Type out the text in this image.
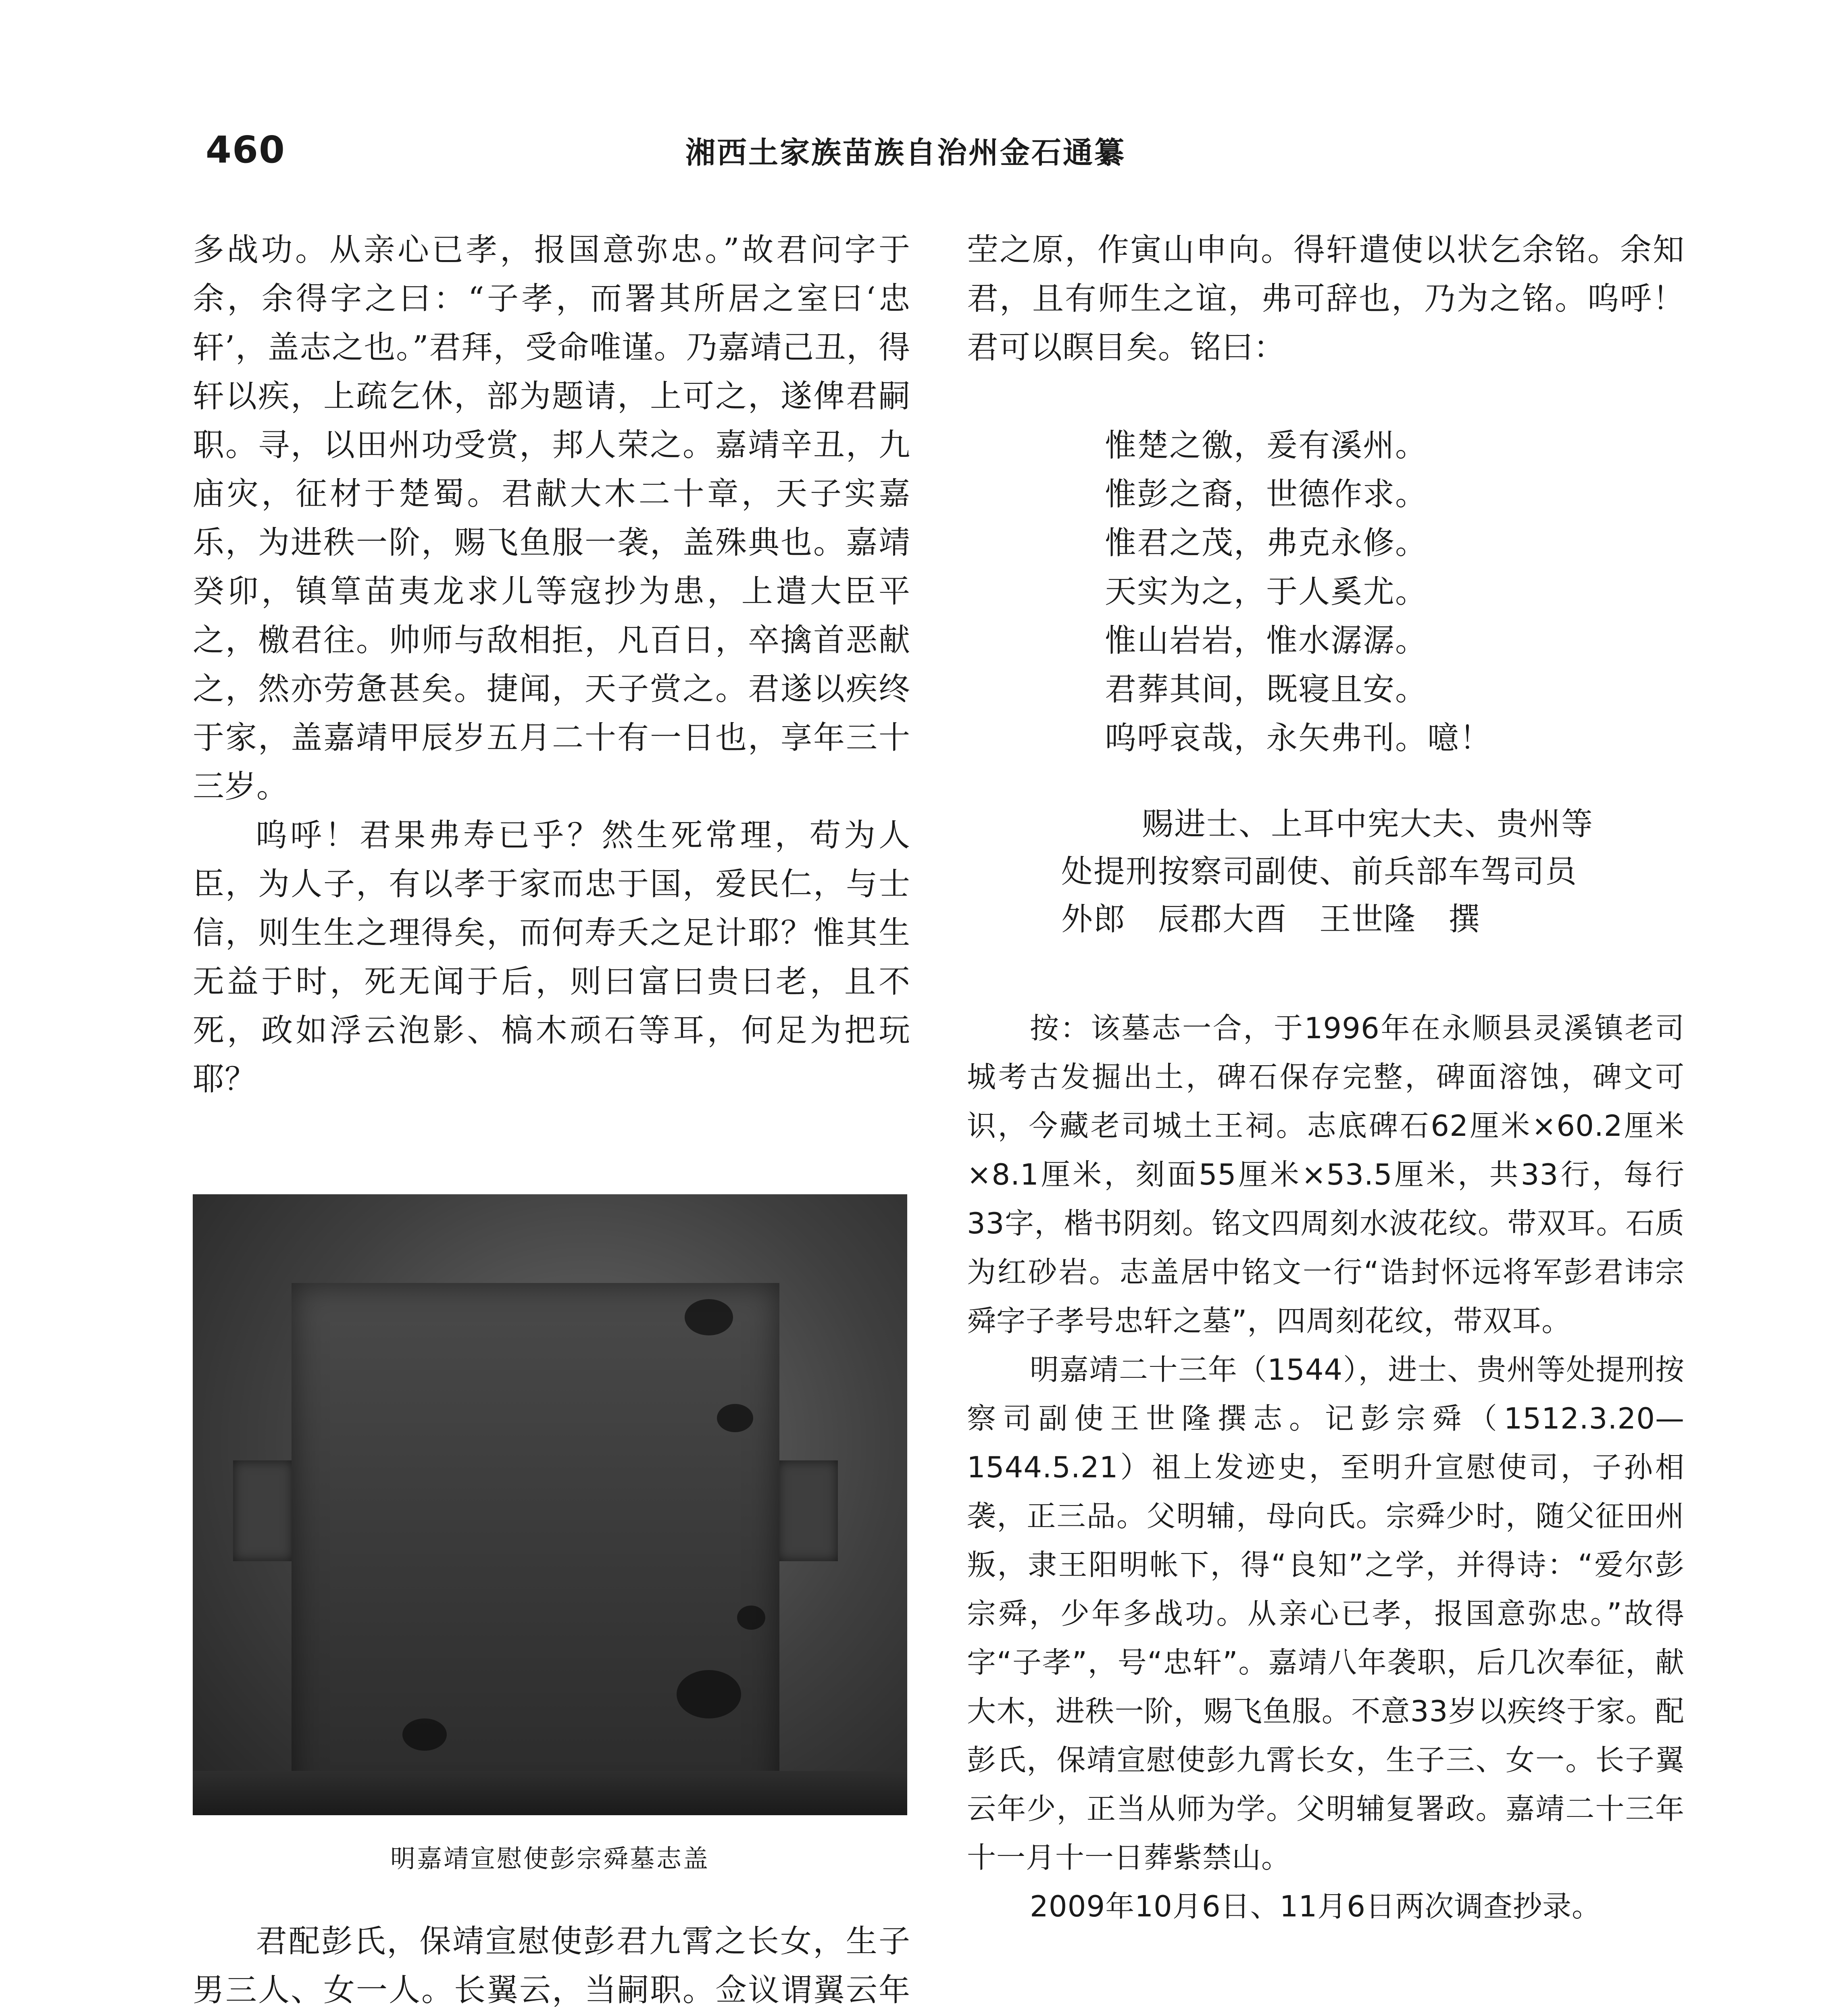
460	湘西土家族苗族自治州金石通纂

多战功。从亲心已孝，报国意弥忠。”故君问字于余，余得字之曰：“子孝，而署其所居之室曰‘忠轩’，盖志之也。”君拜，受命唯谨。乃嘉靖己丑，得轩以疾，上疏乞休，部为题请，上可之，遂俾君嗣职。寻，以田州功受赏，邦人荣之。嘉靖辛丑，九庙灾，征材于楚蜀。君献大木二十章，天子实嘉乐，为进秩一阶，赐飞鱼服一袭，盖殊典也。嘉靖癸卯，镇筸苗夷龙求儿等寇抄为患，上遣大臣平之，檄君往。帅师与敌相拒，凡百日，卒擒首恶献之，然亦劳惫甚矣。捷闻，天子赏之。君遂以疾终于家，盖嘉靖甲辰岁五月二十有一日也，享年三十三岁。

呜呼！君果弗寿已乎？然生死常理，苟为人臣，为人子，有以孝于家而忠于国，爱民仁，与士信，则生生之理得矣，而何寿夭之足计耶？惟其生无益于时，死无闻于后，则曰富曰贵曰老，且不死，政如浮云泡影、槁木顽石等耳，何足为把玩耶？

明嘉靖宣慰使彭宗舜墓志盖

君配彭氏，保靖宣慰使彭君九霄之长女，生子男三人、女一人。长翼云，当嗣职。佥议谓翼云年

茔之原，作寅山申向。得轩遣使以状乞余铭。余知君，且有师生之谊，弗可辞也，乃为之铭。呜呼！君可以瞑目矣。铭曰：

惟楚之徼，爰有溪州。

惟彭之裔，世德作求。

惟君之茂，弗克永修。

天实为之，于人奚尤。

惟山岩岩，惟水潺潺。

君葬其间，既寝且安。

呜呼哀哉，永矢弗刊。噫！

赐进士、上耳中宪大夫、贵州等

处提刑按察司副使、前兵部车驾司员

外郎　辰郡大酉　王世隆　撰

按：该墓志一合，于1996年在永顺县灵溪镇老司城考古发掘出土，碑石保存完整，碑面溶蚀，碑文可识，今藏老司城土王祠。志底碑石62厘米×60.2厘米×8.1厘米，刻面55厘米×53.5厘米，共33行，每行33字，楷书阴刻。铭文四周刻水波花纹。带双耳。石质为红砂岩。志盖居中铭文一行“诰封怀远将军彭君讳宗舜字子孝号忠轩之墓”，四周刻花纹，带双耳。

明嘉靖二十三年（1544），进士、贵州等处提刑按察司副使王世隆撰志。记彭宗舜（1512.3.20—1544.5.21）祖上发迹史，至明升宣慰使司，子孙相袭，正三品。父明辅，母向氏。宗舜少时，随父征田州叛，隶王阳明帐下，得“良知”之学，并得诗：“爱尔彭宗舜，少年多战功。从亲心已孝，报国意弥忠。”故得字“子孝”，号“忠轩”。嘉靖八年袭职，后几次奉征，献大木，进秩一阶，赐飞鱼服。不意33岁以疾终于家。配彭氏，保靖宣慰使彭九霄长女，生子三、女一。长子翼云年少，正当从师为学。父明辅复署政。嘉靖二十三年十一月十一日葬紫禁山。

2009年10月6日、11月6日两次调查抄录。
